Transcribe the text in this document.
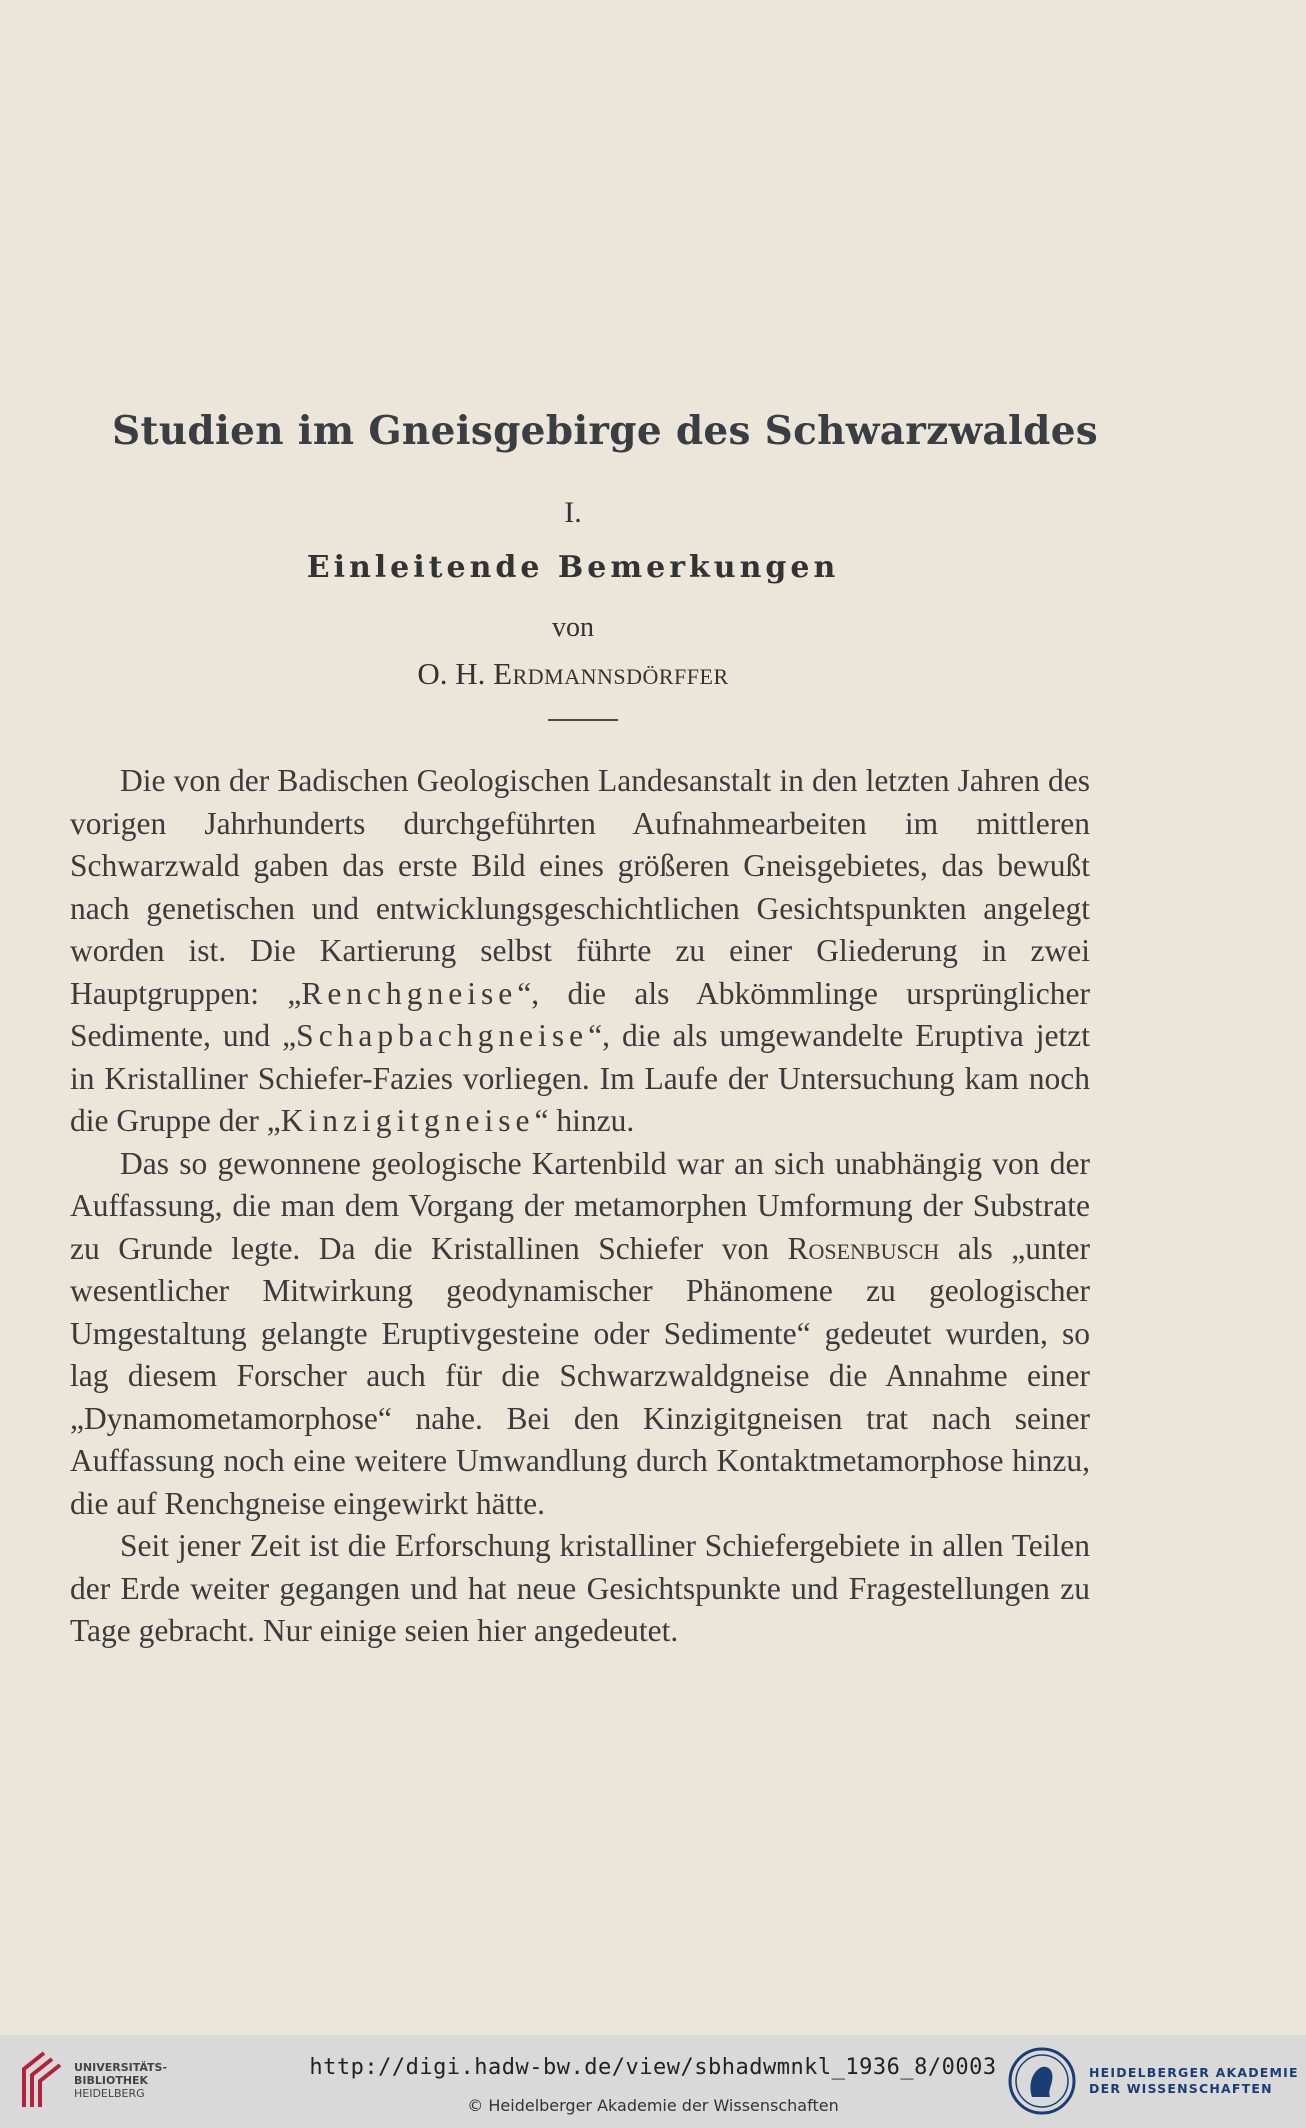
Studien im Gneisgebirge des Schwarzwaldes
I.
Einleitende Bemerkungen
von
O. H. Erdmannsdörffer

Die von der Badischen Geologischen Landesanstalt in den letzten Jahren des vorigen Jahrhunderts durchgeführten Aufnahmearbeiten im mittleren Schwarzwald gaben das erste Bild eines größeren Gneisgebietes, das bewußt nach genetischen und entwicklungsgeschichtlichen Gesichtspunkten angelegt worden ist. Die Kartierung selbst führte zu einer Gliederung in zwei Hauptgruppen: „Renchgneise“, die als Abkömmlinge ursprünglicher Sedimente, und „Schapbachgneise“, die als umgewandelte Eruptiva jetzt in Kristalliner Schiefer-Fazies vorliegen. Im Laufe der Untersuchung kam noch die Gruppe der „Kinzigitgneise“ hinzu.

Das so gewonnene geologische Kartenbild war an sich unabhängig von der Auffassung, die man dem Vorgang der metamorphen Umformung der Substrate zu Grunde legte. Da die Kristallinen Schiefer von Rosenbusch als „unter wesentlicher Mitwirkung geodynamischer Phänomene zu geologischer Umgestaltung gelangte Eruptivgesteine oder Sedimente“ gedeutet wurden, so lag diesem Forscher auch für die Schwarzwaldgneise die Annahme einer „Dynamometamorphose“ nahe. Bei den Kinzigitgneisen trat nach seiner Auffassung noch eine weitere Umwandlung durch Kontaktmetamorphose hinzu, die auf Renchgneise eingewirkt hätte.

Seit jener Zeit ist die Erforschung kristalliner Schiefergebiete in allen Teilen der Erde weiter gegangen und hat neue Gesichtspunkte und Fragestellungen zu Tage gebracht. Nur einige seien hier angedeutet.

UNIVERSITÄTS-
BIBLIOTHEK
HEIDELBERG
http://digi.hadw-bw.de/view/sbhadwmnkl_1936_8/0003
© Heidelberger Akademie der Wissenschaften
HEIDELBERGER AKADEMIE
DER WISSENSCHAFTEN
